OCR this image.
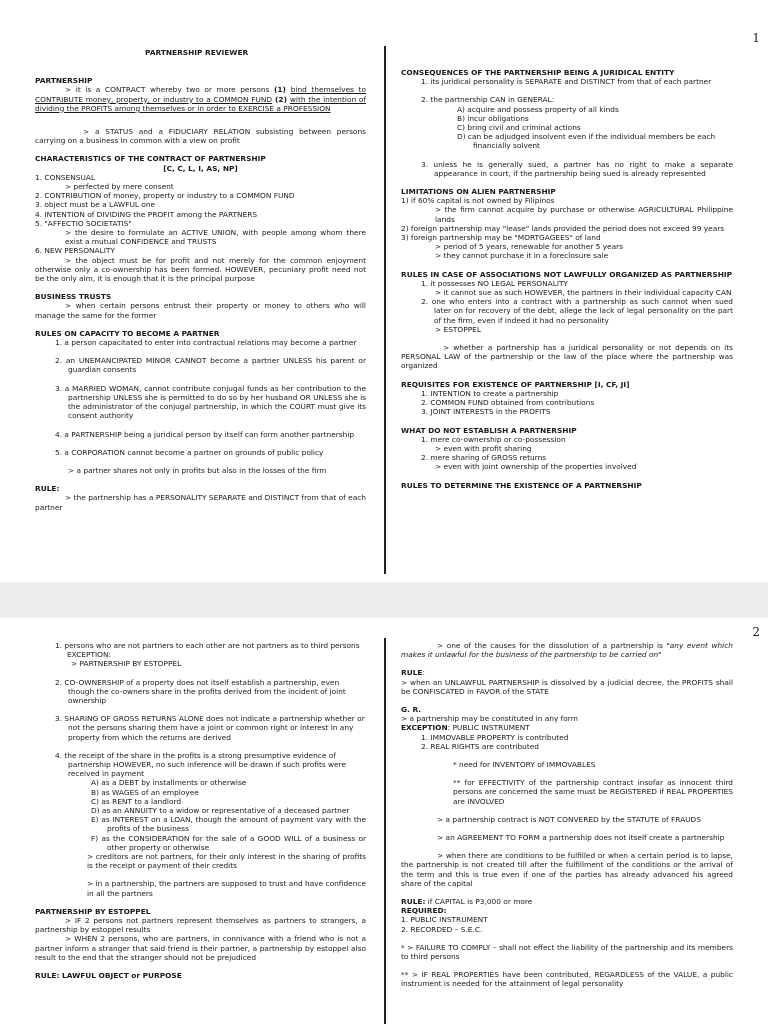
1

PARTNERSHIP REVIEWER

PARTNERSHIP

> it is a CONTRACT whereby two or more persons (1) bind themselves to CONTRIBUTE money, property, or industry to a COMMON FUND (2) with the intention of dividing the PROFITS among themselves or in order to EXERCISE a PROFESSION

> a STATUS and a FIDUCIARY RELATION subsisting between persons carrying on a business in common with a view on profit

CHARACTERISTICS OF THE CONTRACT OF PARTNERSHIP

[C, C, L, I, AS, NP]

1. CONSENSUAL

> perfected by mere consent

2. CONTRIBUTION of money, property or industry to a COMMON FUND

3. object must be a LAWFUL one

4. INTENTION of DIVIDING the PROFIT among the PARTNERS

5. "AFFECTIO SOCIETATIS"

> the desire to formulate an ACTIVE UNION, with people among whom there exist a mutual CONFIDENCE and TRUSTS

6. NEW PERSONALITY

> the object must be for profit and not merely for the common enjoyment otherwise only a co-ownership has been formed. HOWEVER, pecuniary profit need not be the only aim, it is enough that it is the principal purpose

BUSINESS TRUSTS

> when certain persons entrust their property or money to others who will manage the same for the former

RULES ON CAPACITY TO BECOME A PARTNER

1. a person capacitated to enter into contractual relations may become a partner

2. an UNEMANCIPATED MINOR CANNOT become a partner UNLESS his parent or guardian consents

3. a MARRIED WOMAN, cannot contribute conjugal funds as her contribution to the partnership UNLESS she is permitted to do so by her husband OR UNLESS she is the administrator of the conjugal partnership, in which the COURT must give its consent authority

4. a PARTNERSHIP being a juridical person by itself can form another partnership

5. a CORPORATION cannot become a partner on grounds of public policy

> a partner shares not only in profits but also in the losses of the firm

RULE:

> the partnership has a PERSONALITY SEPARATE and DISTINCT from that of each partner

CONSEQUENCES OF THE PARTNERSHIP BEING A JURIDICAL ENTITY

1. its juridical personality is SEPARATE and DISTINCT from that of each partner

2. the partnership CAN in GENERAL:

A) acquire and possess property of all kinds

B) incur obligations

C) bring civil and criminal actions

D) can be adjudged insolvent even if the individual members be each financially solvent

3. unless he is generally sued, a partner has no right to make a separate appearance in court, if the partnership being sued is already represented

LIMITATIONS ON ALIEN PARTNERSHIP

1) if 60% capital is not owned by Filipinos

> the firm cannot acquire by purchase or otherwise AGRICULTURAL Philippine lands

2) foreign partnership may "lease" lands provided the period does not exceed 99 years

3) foreign partnership may be "MORTGAGEES" of land

> period of 5 years, renewable for another 5 years

> they cannot purchase it in a foreclosure sale

RULES IN CASE OF ASSOCIATIONS NOT LAWFULLY ORGANIZED AS PARTNERSHIP

1. it possesses NO LEGAL PERSONALITY

> it cannot sue as such HOWEVER, the partners in their individual capacity CAN

2. one who enters into a contract with a partnership as such cannot when sued later on for recovery of the debt, allege the lack of legal personality on the part of the firm, even if indeed it had no personality

> ESTOPPEL

> whether a partnership has a juridical personality or not depends on its PERSONAL LAW of the partnership or the law of the place where the partnership was organized

REQUISITES FOR EXISTENCE OF PARTNERSHIP [I, CF, JI]

1. INTENTION to create a partnership

2. COMMON FUND obtained from contributions

3. JOINT INTERESTS in the PROFITS

WHAT DO NOT ESTABLISH A PARTNERSHIP

1. mere co-ownership or co-possession

> even with profit sharing

2. mere sharing of GROSS returns

> even with joint ownership of the properties involved

RULES TO DETERMINE THE EXISTENCE OF A PARTNERSHIP

2

1. persons who are not partners to each other are not partners as to third persons

EXCEPTION:

> PARTNERSHIP BY ESTOPPEL

2. CO-OWNERSHIP of a property does not itself establish a partnership, even though the co-owners share in the profits derived from the incident of joint ownership

3. SHARING OF GROSS RETURNS ALONE does not indicate a partnership whether or not the persons sharing them have a joint or common right or interest in any property from which the returns are derived

4. the receipt of the share in the profits is a strong presumptive evidence of partnership HOWEVER, no such inference will be drawn if such profits were received in payment

A) as a DEBT by installments or otherwise

B) as WAGES of an employee

C) as RENT to a landlord

D) as an ANNUITY to a widow or representative of a deceased partner

E) as INTEREST on a LOAN, though the amount of payment vary with the profits of the business

F) as the CONSIDERATION for the sale of a GOOD WILL of a business or other property or otherwise

> creditors are not partners, for their only interest in the sharing of profits is the receipt or payment of their credits

> in a partnership, the partners are supposed to trust and have confidence in all the partners

PARTNERSHIP BY ESTOPPEL

> IF 2 persons not partners represent themselves as partners to strangers, a partnership by estoppel results

> WHEN 2 persons, who are partners, in connivance with a friend who is not a partner inform a stranger that said friend is their partner, a partnership by estoppel also result to the end that the stranger should not be prejudiced

RULE: LAWFUL OBJECT or PURPOSE

> one of the causes for the dissolution of a partnership is "any event which makes it unlawful for the business of the partnership to be carried on"

RULE:

> when an UNLAWFUL PARTNERSHIP is dissolved by a judicial decree, the PROFITS shall be CONFISCATED in FAVOR of the STATE

G. R.

> a partnership may be constituted in any form

EXCEPTION: PUBLIC INSTRUMENT

1. IMMOVABLE PROPERTY is contributed

2. REAL RIGHTS are contributed

* need for INVENTORY of IMMOVABLES

** for EFFECTIVITY of the partnership contract insofar as innocent third persons are concerned the same must be REGISTERED if REAL PROPERTIES are INVOLVED

> a partnership contract is NOT CONVERED by the STATUTE of FRAUDS

> an AGREEMENT TO FORM a partnership does not itself create a partnership

> when there are conditions to be fulfilled or when a certain period is to lapse, the partnership is not created till after the fulfillment of the conditions or the arrival of the term and this is true even if one of the parties has already advanced his agreed share of the capital

RULE: if CAPITAL is P3,000 or more

REQUIRED:

1. PUBLIC INSTRUMENT

2. RECORDED – S.E.C.

* > FAILURE TO COMPLY – shall not effect the liability of the partnership and its members to third persons

** > IF REAL PROPERTIES have been contributed, REGARDLESS of the VALUE, a public instrument is needed for the attainment of legal personality
